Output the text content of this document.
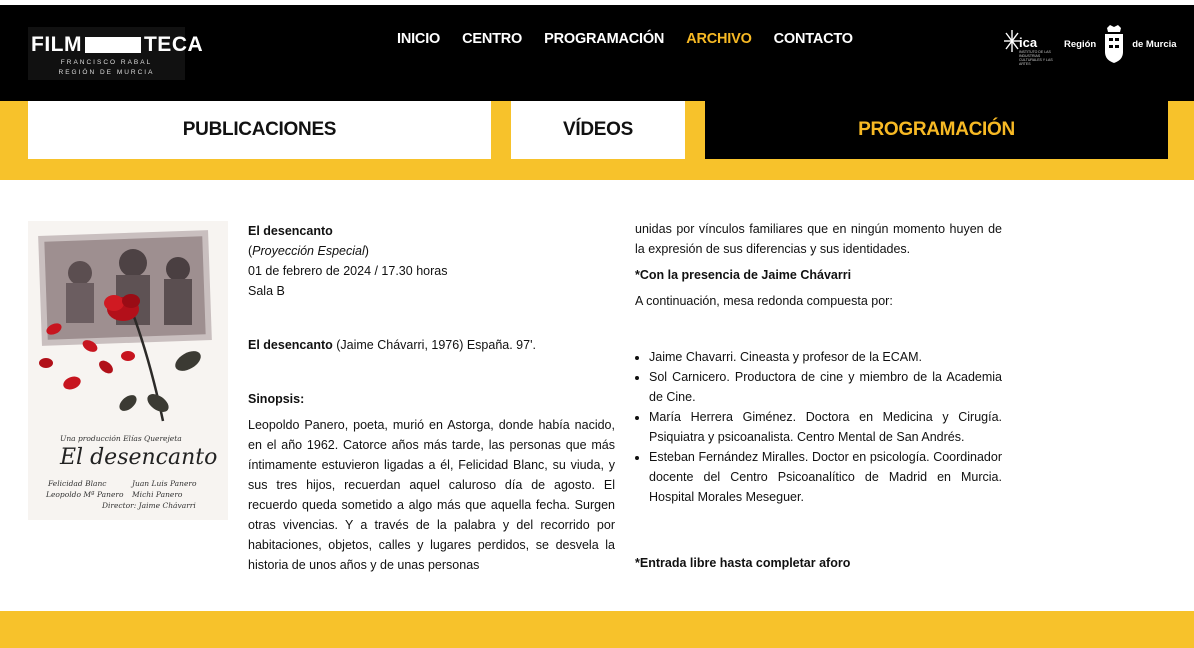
FILM	TECA
FRANCISCO RABAL
REGIÓN DE MURCIA
INICIO CENTRO PROGRAMACIÓN ARCHIVO CONTACTO	ica
INSTITUTO DE LAS INDUSTRIAS CULTURALES Y LAS ARTES
Región	de Murcia
PUBLICACIONES	VÍDEOS	PROGRAMACIÓN
Una producción Elías Querejeta
El desencanto
Felicidad Blanc	Juan Luis Panero
Leopoldo Mª Panero Michi Panero
Director: Jaime Chávarri

El desencanto

(Proyección Especial)

01 de febrero de 2024 / 17.30 horas

Sala B

El desencanto (Jaime Chávarri, 1976) España. 97'.

Sinopsis:

Leopoldo Panero, poeta, murió en Astorga, donde había nacido, en el año 1962. Catorce años más tarde, las personas que más íntimamente estuvieron ligadas a él, Felicidad Blanc, su viuda, y sus tres hijos, recuerdan aquel caluroso día de agosto. El recuerdo queda sometido a algo más que aquella fecha. Surgen otras vivencias. Y a través de la palabra y del recorrido por habitaciones, objetos, calles y lugares perdidos, se desvela la historia de unos años y de unas personas

unidas por vínculos familiares que en ningún momento huyen de la expresión de sus diferencias y sus identidades.

*Con la presencia de Jaime Chávarri

A continuación, mesa redonda compuesta por:

• Jaime Chavarri. Cineasta y profesor de la ECAM.
• Sol Carnicero. Productora de cine y miembro de la Academia de Cine.
• María Herrera Giménez. Doctora en Medicina y Cirugía. Psiquiatra y psicoanalista. Centro Mental de San Andrés.
• Esteban Fernández Miralles. Doctor en psicología. Coordinador docente del Centro Psicoanalítico de Madrid en Murcia. Hospital Morales Meseguer.

*Entrada libre hasta completar aforo
